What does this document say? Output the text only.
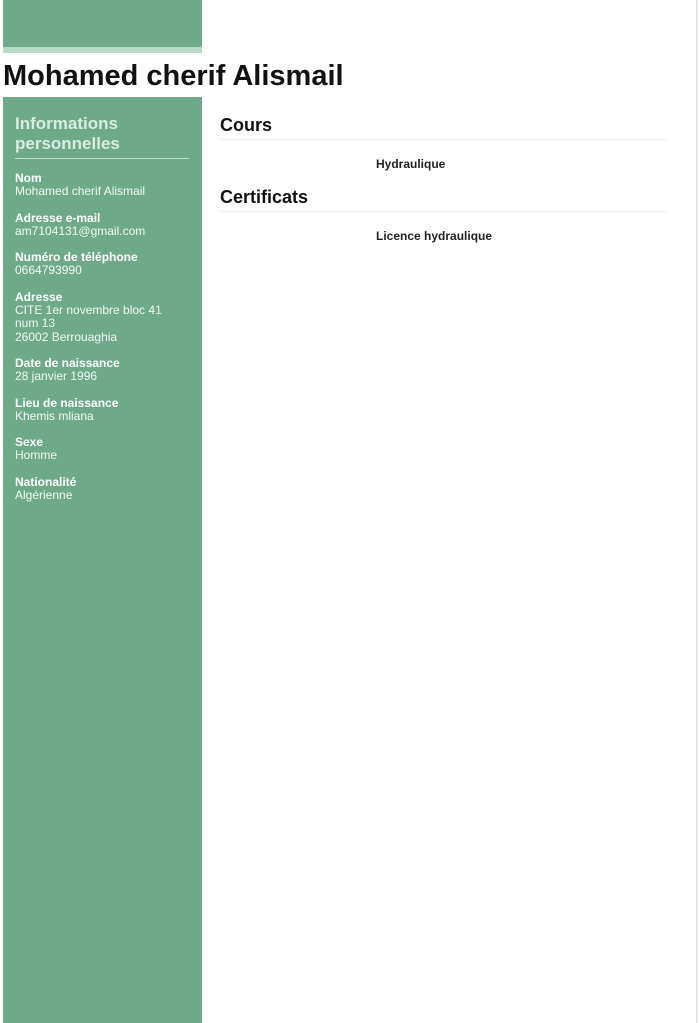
Mohamed cherif Alismail
Informations personnelles
Nom
Mohamed cherif Alismail
Adresse e-mail
am7104131@gmail.com
Numéro de téléphone
0664793990
Adresse
CITE 1er novembre bloc 41
num 13
26002 Berrouaghia
Date de naissance
28 janvier 1996
Lieu de naissance
Khemis mliana
Sexe
Homme
Nationalité
Algérienne
Cours
Hydraulique
Certificats
Licence hydraulique
